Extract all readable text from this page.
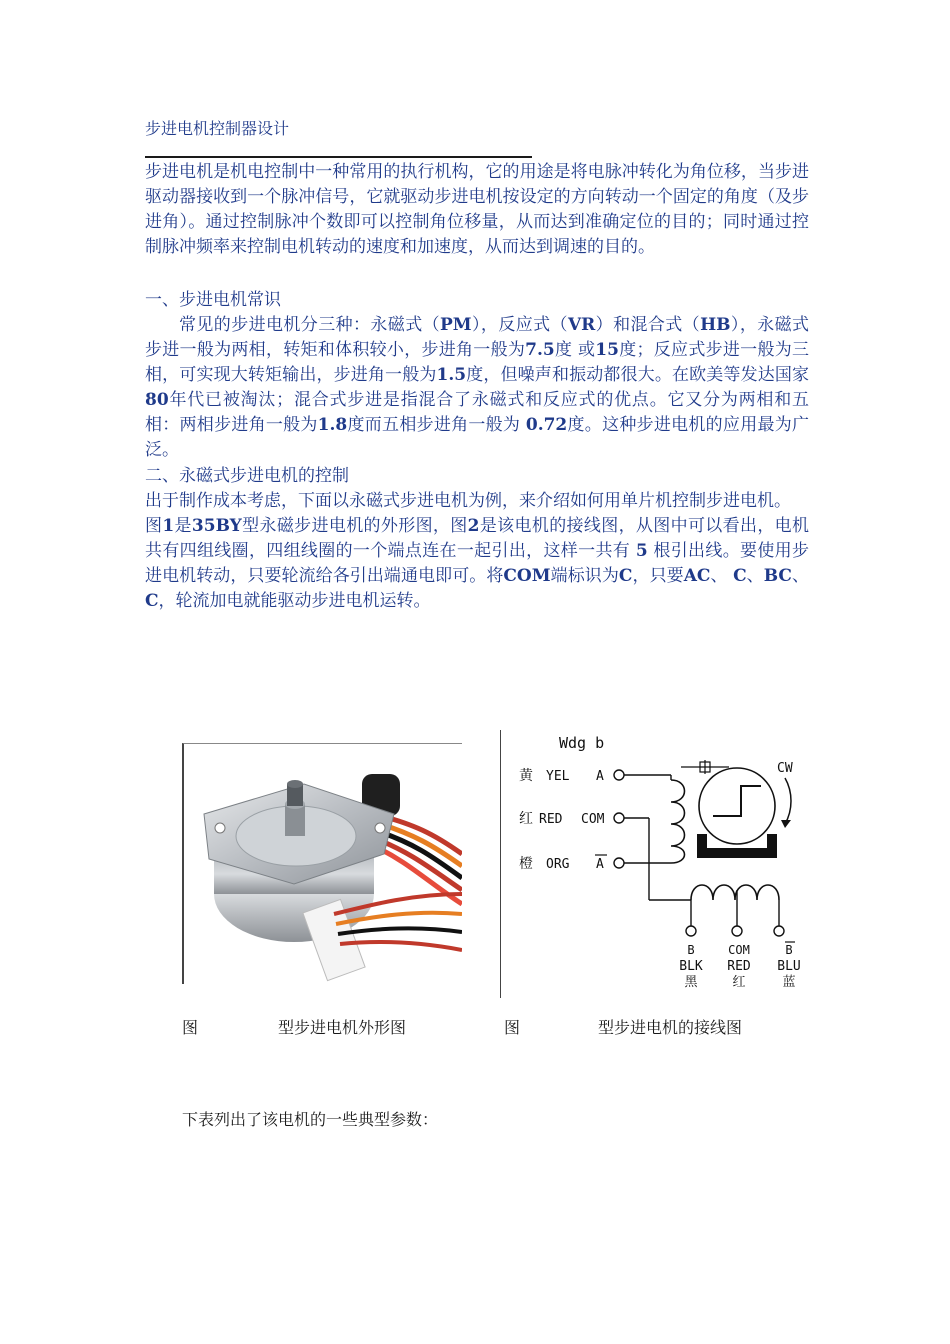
步进电机控制器设计

步进电机是机电控制中一种常用的执行机构，它的用途是将电脉冲转化为角位移，当步进驱动器接收到一个脉冲信号，它就驱动步进电机按设定的方向转动一个固定的角度（及步进角）。通过控制脉冲个数即可以控制角位移量，从而达到准确定位的目的；同时通过控制脉冲频率来控制电机转动的速度和加速度，从而达到调速的目的。

一、步进电机常识

常见的步进电机分三种：永磁式（PM），反应式（VR）和混合式（HB），永磁式步进一般为两相，转矩和体积较小，步进角一般为7.5度 或15度；反应式步进一般为三相，可实现大转矩输出，步进角一般为1.5度，但噪声和振动都很大。在欧美等发达国家80年代已被淘汰；混合式步进是指混合了永磁式和反应式的优点。它又分为两相和五相：两相步进角一般为1.8度而五相步进角一般为 0.72度。这种步进电机的应用最为广泛。

二、永磁式步进电机的控制

出于制作成本考虑，下面以永磁式步进电机为例，来介绍如何用单片机控制步进电机。

图1是35BY型永磁步进电机的外形图，图2是该电机的接线图，从图中可以看出，电机共有四组线圈，四组线圈的一个端点连在一起引出，这样一共有 5 根引出线。要使用步进电机转动，只要轮流给各引出端通电即可。将COM端标识为C，只要AC、 C、BC、 C，轮流加电就能驱动步进电机运转。

Wdg b
CW
黄 YEL A
红 RED COM
橙 ORG A
B
BLK
黑
COM
RED
红
B
BLU
蓝
图	型步进电机外形图	图	型步进电机的接线图
下表列出了该电机的一些典型参数：
